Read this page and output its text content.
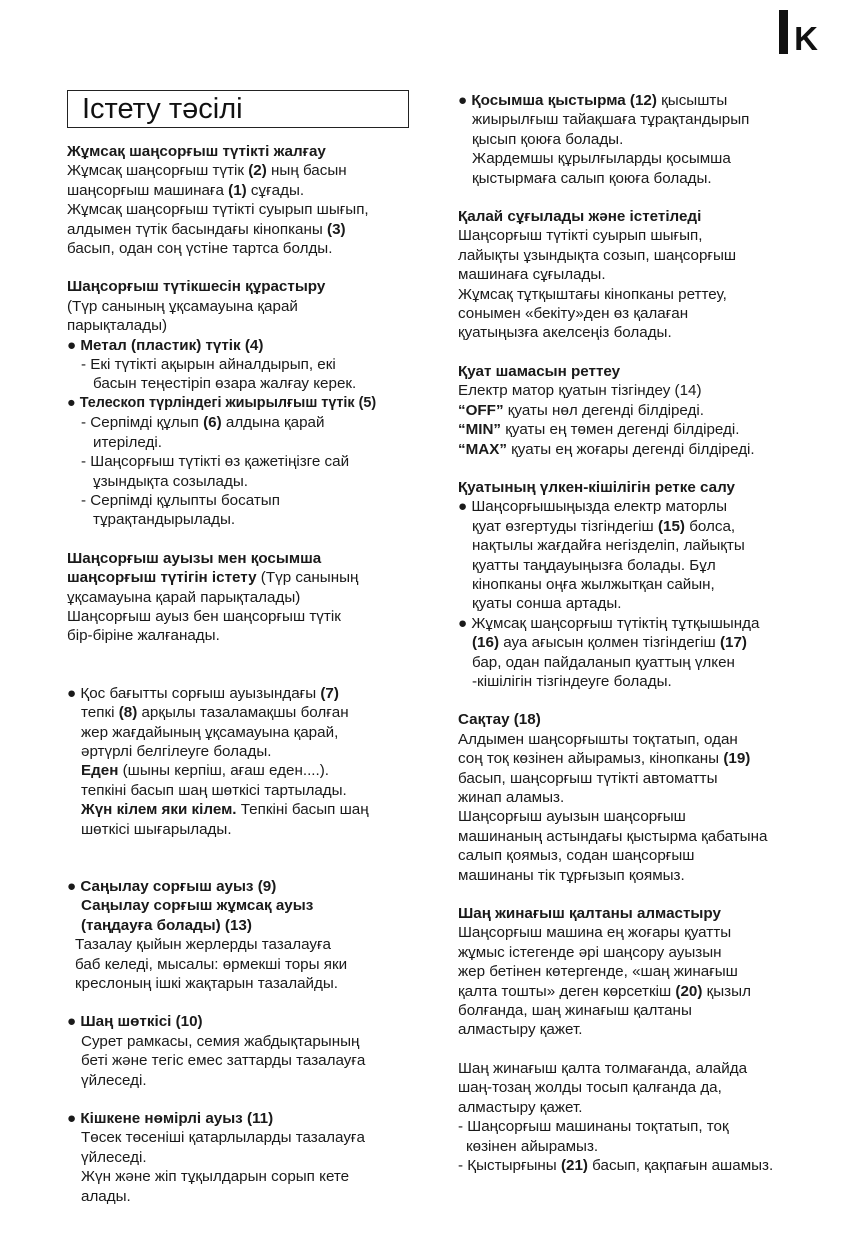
K
Істету тәсілі
Жұмсақ шаңсорғыш түтікті жалғау
Жұмсақ шаңсорғыш түтік (2) ның басын
шаңсорғыш машинаға (1) сұғады.
Жұмсақ шаңсорғыш түтікті суырып шығып,
алдымен түтік басындағы кінопканы (3)
басып, одан соң үстіне тартса болды.
Шаңсорғыш түтікшесін құрастыру
(Түр санының ұқсамауына қарай
парықталады)
● Метал (пластик) түтік (4)
- Екі түтікті ақырын айналдырып, екі
басын теңестіріп өзара жалғау керек.
● Телескоп түрліндегі жиырылғыш түтік (5)
- Серпімді құлып (6) алдына қарай
итеріледі.
- Шаңсорғыш түтікті өз қажетіңізге сай
ұзындықта созылады.
- Серпімді құлыпты босатып
тұрақтандырылады.
Шаңсорғыш ауызы мен қосымша
шаңсорғыш түтігін істету (Түр санының
ұқсамауына қарай парықталады)
Шаңсорғыш ауыз бен шаңсорғыш түтік
бір-біріне жалғанады.
● Қос бағытты сорғыш ауызындағы (7)
тепкі (8) арқылы тазаламақшы болған
жер жағдайының ұқсамауына қарай,
әртүрлі белгілеуге болады.
Еден (шыны керпіш, ағаш еден....).
тепкіні басып шаң шөткісі тартылады.
Жүн кілем яки кілем. Тепкіні басып шаң
шөткісі шығарылады.
● Саңылау сорғыш ауыз (9)
Саңылау сорғыш жұмсақ ауыз
(таңдауға болады) (13)
Тазалау қыйын жерлерды тазалауға
баб келеді, мысалы: өрмекші торы яки
креслоның ішкі жақтарын тазалайды.
● Шаң шөткісі (10)
Сурет рамкасы, семия жабдықтарының
беті және тегіс емес заттарды тазалауға
үйлеседі.
● Кішкене нөмірлі ауыз (11)
Төсек төсеніші қатарлыларды тазалауға
үйлеседі.
Жүн және жіп тұқылдарын сорып кете
алады.
● Қосымша қыстырма (12) қысышты
жиырылғыш тайақшаға тұрақтандырып
қысып қоюға болады.
Жардемшы құрылғыларды қосымша
қыстырмаға салып қоюға болады.
Қалай сұғылады және істетіледі
Шаңсорғыш түтікті суырып шығып,
лайықты ұзындықта созып, шаңсорғыш
машинаға сұғылады.
Жұмсақ тұтқыштағы кінопканы реттеу,
сонымен «бекіту»ден өз қалаған
қуатыңызға акелсеңіз болады.
Қуат шамасын реттеу
Електр матор қуатын тізгіндеу (14)
“OFF” қуаты нөл дегенді білдіреді.
“MIN” қуаты ең төмен дегенді білдіреді.
“MAX” қуаты ең жоғары дегенді білдіреді.
Қуатының үлкен-кішілігін ретке салу
● Шаңсорғышыңызда електр маторлы
қуат өзгертуды тізгіндегіш (15) болса,
нақтылы жағдайға негізделіп, лайықты
қуатты таңдауыңызға болады. Бұл
кінопканы оңға жылжытқан сайын,
қуаты сонша артады.
● Жұмсақ шаңсорғыш түтіктің тұтқышында
(16) ауа ағысын қолмен тізгіндегіш (17)
бар, одан пайдаланып қуаттың үлкен
-кішілігін тізгіндеуге болады.
Сақтау (18)
Алдымен шаңсорғышты тоқтатып, одан
соң тоқ көзінен айырамыз, кінопканы (19)
басып, шаңсорғыш түтікті автоматты
жинап аламыз.
Шаңсорғыш ауызын шаңсорғыш
машинаның астындағы қыстырма қабатына
салып қоямыз, содан шаңсорғыш
машинаны тік тұрғызып қоямыз.
Шаң жинағыш қалтаны алмастыру
Шаңсорғыш машина ең жоғары қуатты
жұмыс істегенде әрі шаңсору ауызын
жер бетінен көтергенде, «шаң жинағыш
қалта тошты» деген көрсеткіш (20) қызыл
болғанда, шаң жинағыш қалтаны
алмастыру қажет.
Шаң жинағыш қалта толмағанда, алайда
шаң-тозаң жолды тосып қалғанда да,
алмастыру қажет.
- Шаңсорғыш машинаны тоқтатып, тоқ
көзінен айырамыз.
- Қыстырғыны (21) басып, қақпағын ашамыз.
